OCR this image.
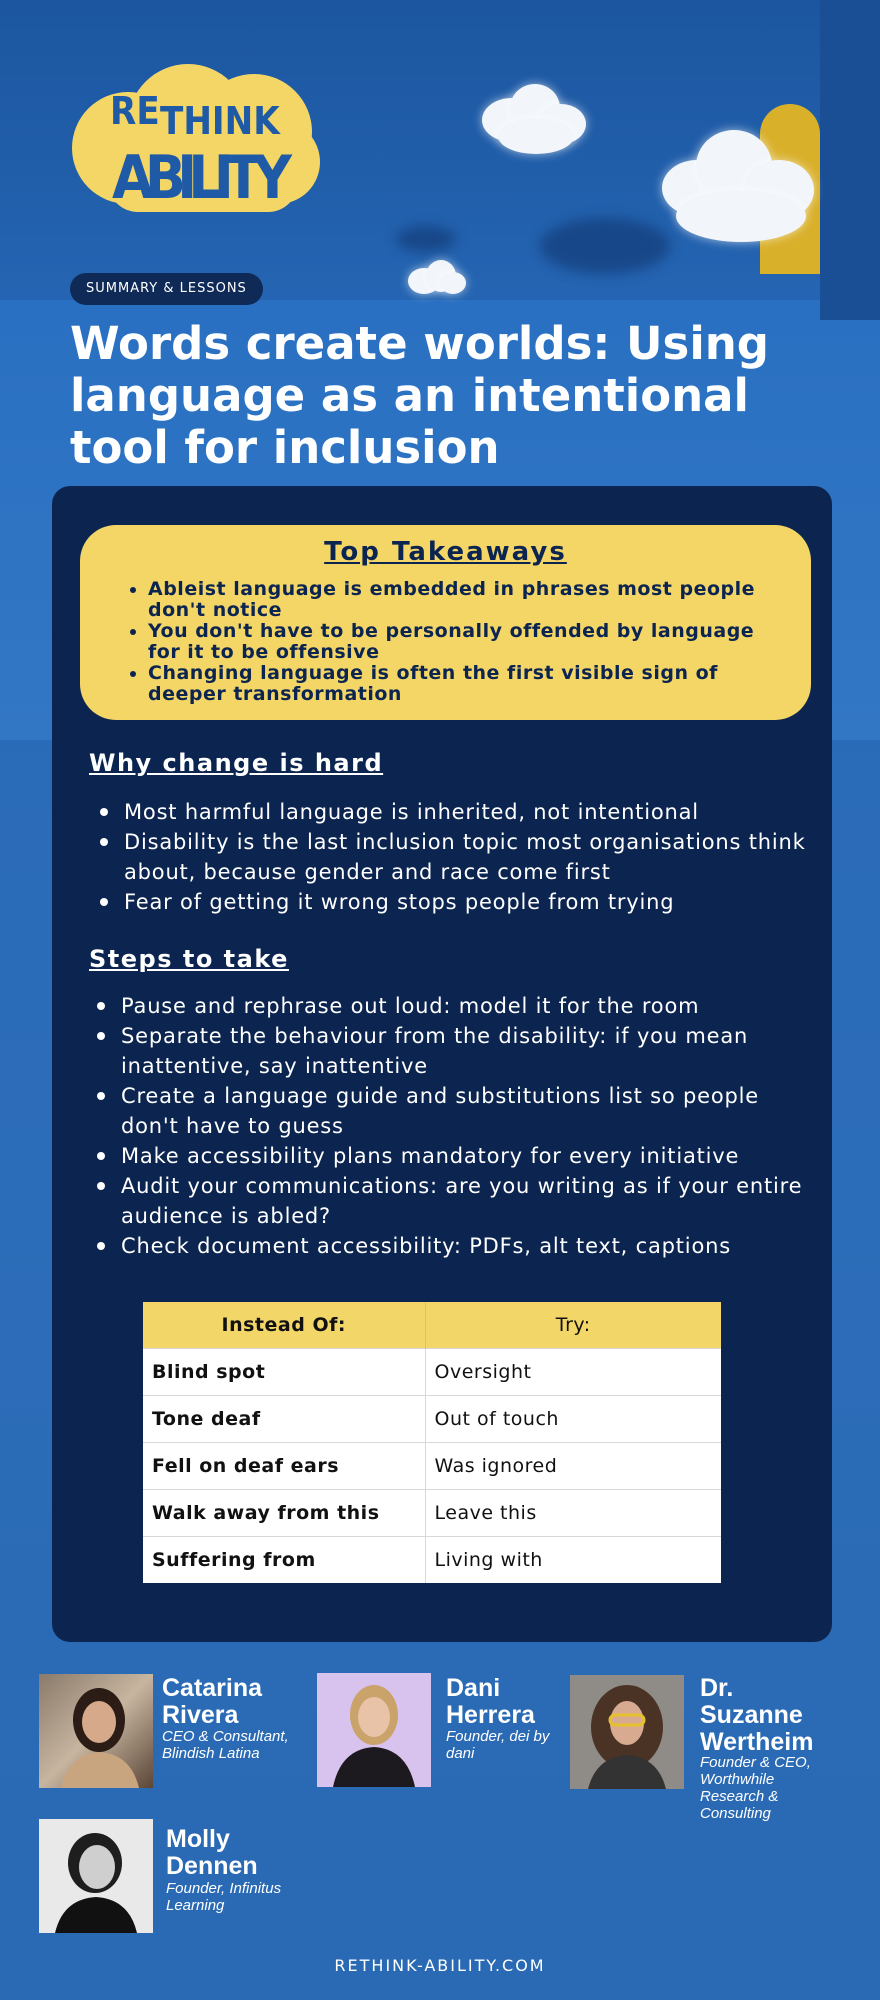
RE THINK
ABILITY
SUMMARY & LESSONS
Words create worlds: Using language as an intentional tool for inclusion
Top Takeaways
• Ableist language is embedded in phrases most people don't notice
• You don't have to be personally offended by language for it to be offensive
• Changing language is often the first visible sign of deeper transformation
Why change is hard
Most harmful language is inherited, not intentional
Disability is the last inclusion topic most organisations think about, because gender and race come first
Fear of getting it wrong stops people from trying
Steps to take
Pause and rephrase out loud: model it for the room
Separate the behaviour from the disability: if you mean inattentive, say inattentive
Create a language guide and substitutions list so people don't have to guess
Make accessibility plans mandatory for every initiative
Audit your communications: are you writing as if your entire audience is abled?
Check document accessibility: PDFs, alt text, captions
Instead Of:	Try:
Blind spot	Oversight
Tone deaf	Out of touch
Fell on deaf ears	Was ignored
Walk away from this	Leave this
Suffering from	Living with
Catarina Rivera
CEO & Consultant, Blindish Latina
Dani Herrera
Founder, dei by dani
Dr. Suzanne Wertheim
Founder & CEO, Worthwhile Research & Consulting
Molly Dennen
Founder, Infinitus Learning
RETHINK-ABILITY.COM
